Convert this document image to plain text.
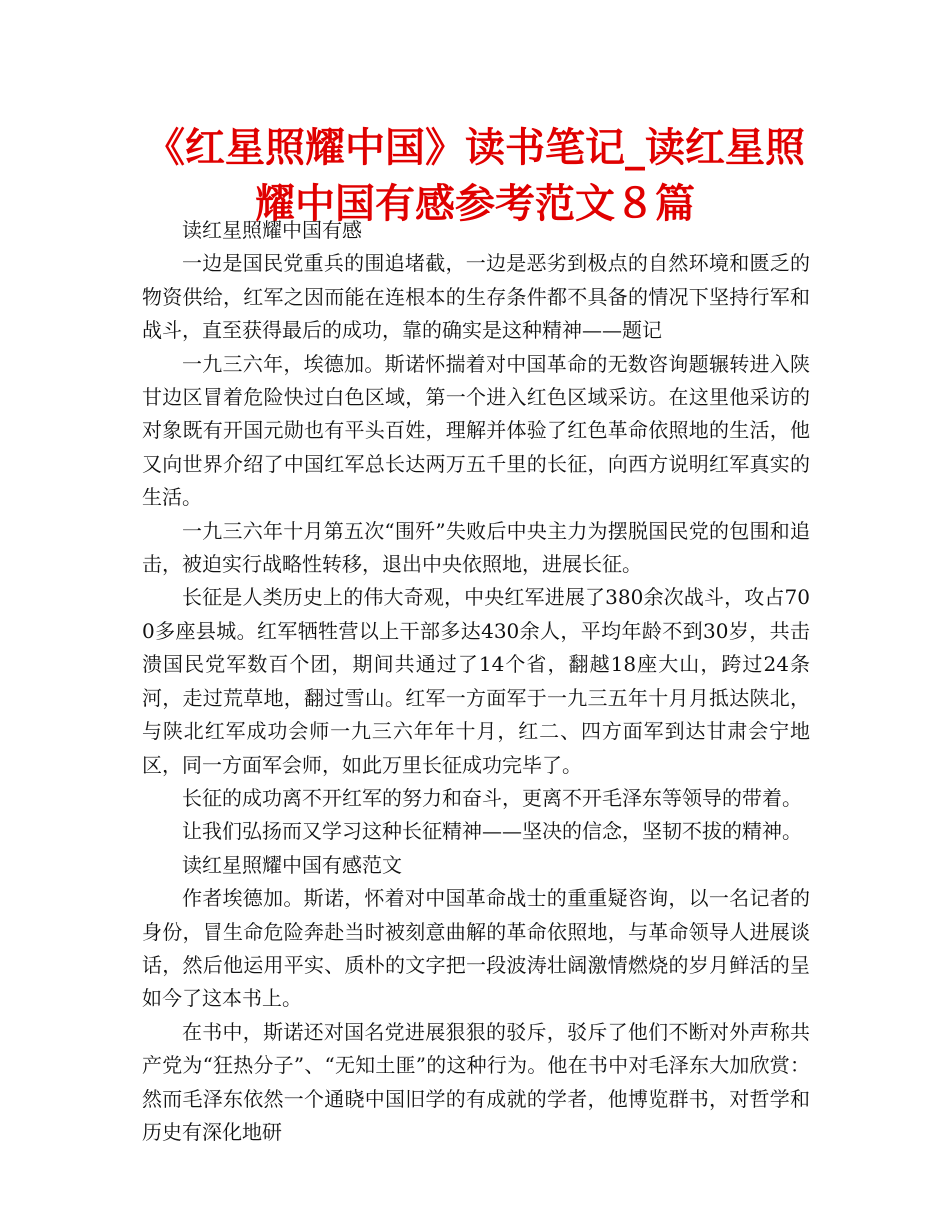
《红星照耀中国》读书笔记_读红星照耀中国有感参考范文８篇

读红星照耀中国有感

一边是国民党重兵的围追堵截，一边是恶劣到极点的自然环境和匮乏的物资供给，红军之因而能在连根本的生存条件都不具备的情况下坚持行军和战斗，直至获得最后的成功，靠的确实是这种精神——题记

一九三六年，埃德加。斯诺怀揣着对中国革命的无数咨询题辗转进入陕甘边区冒着危险快过白色区域，第一个进入红色区域采访。在这里他采访的对象既有开国元勋也有平头百姓，理解并体验了红色革命依照地的生活，他又向世界介绍了中国红军总长达两万五千里的长征，向西方说明红军真实的生活。

一九三六年十月第五次“围歼”失败后中央主力为摆脱国民党的包围和追击，被迫实行战略性转移，退出中央依照地，进展长征。

长征是人类历史上的伟大奇观，中央红军进展了380余次战斗，攻占700多座县城。红军牺牲营以上干部多达430余人，平均年龄不到30岁，共击溃国民党军数百个团，期间共通过了14个省，翻越18座大山，跨过24条河，走过荒草地，翻过雪山。红军一方面军于一九三五年十月月抵达陕北，与陕北红军成功会师一九三六年年十月，红二、四方面军到达甘肃会宁地区，同一方面军会师，如此万里长征成功完毕了。

长征的成功离不开红军的努力和奋斗，更离不开毛泽东等领导的带着。

让我们弘扬而又学习这种长征精神——坚决的信念，坚韧不拔的精神。

读红星照耀中国有感范文

作者埃德加。斯诺，怀着对中国革命战士的重重疑咨询，以一名记者的身份，冒生命危险奔赴当时被刻意曲解的革命依照地，与革命领导人进展谈话，然后他运用平实、质朴的文字把一段波涛壮阔激情燃烧的岁月鲜活的呈如今了这本书上。

在书中，斯诺还对国名党进展狠狠的驳斥，驳斥了他们不断对外声称共产党为“狂热分子”、“无知土匪”的这种行为。他在书中对毛泽东大加欣赏：然而毛泽东依然一个通晓中国旧学的有成就的学者，他博览群书，对哲学和历史有深化地研
